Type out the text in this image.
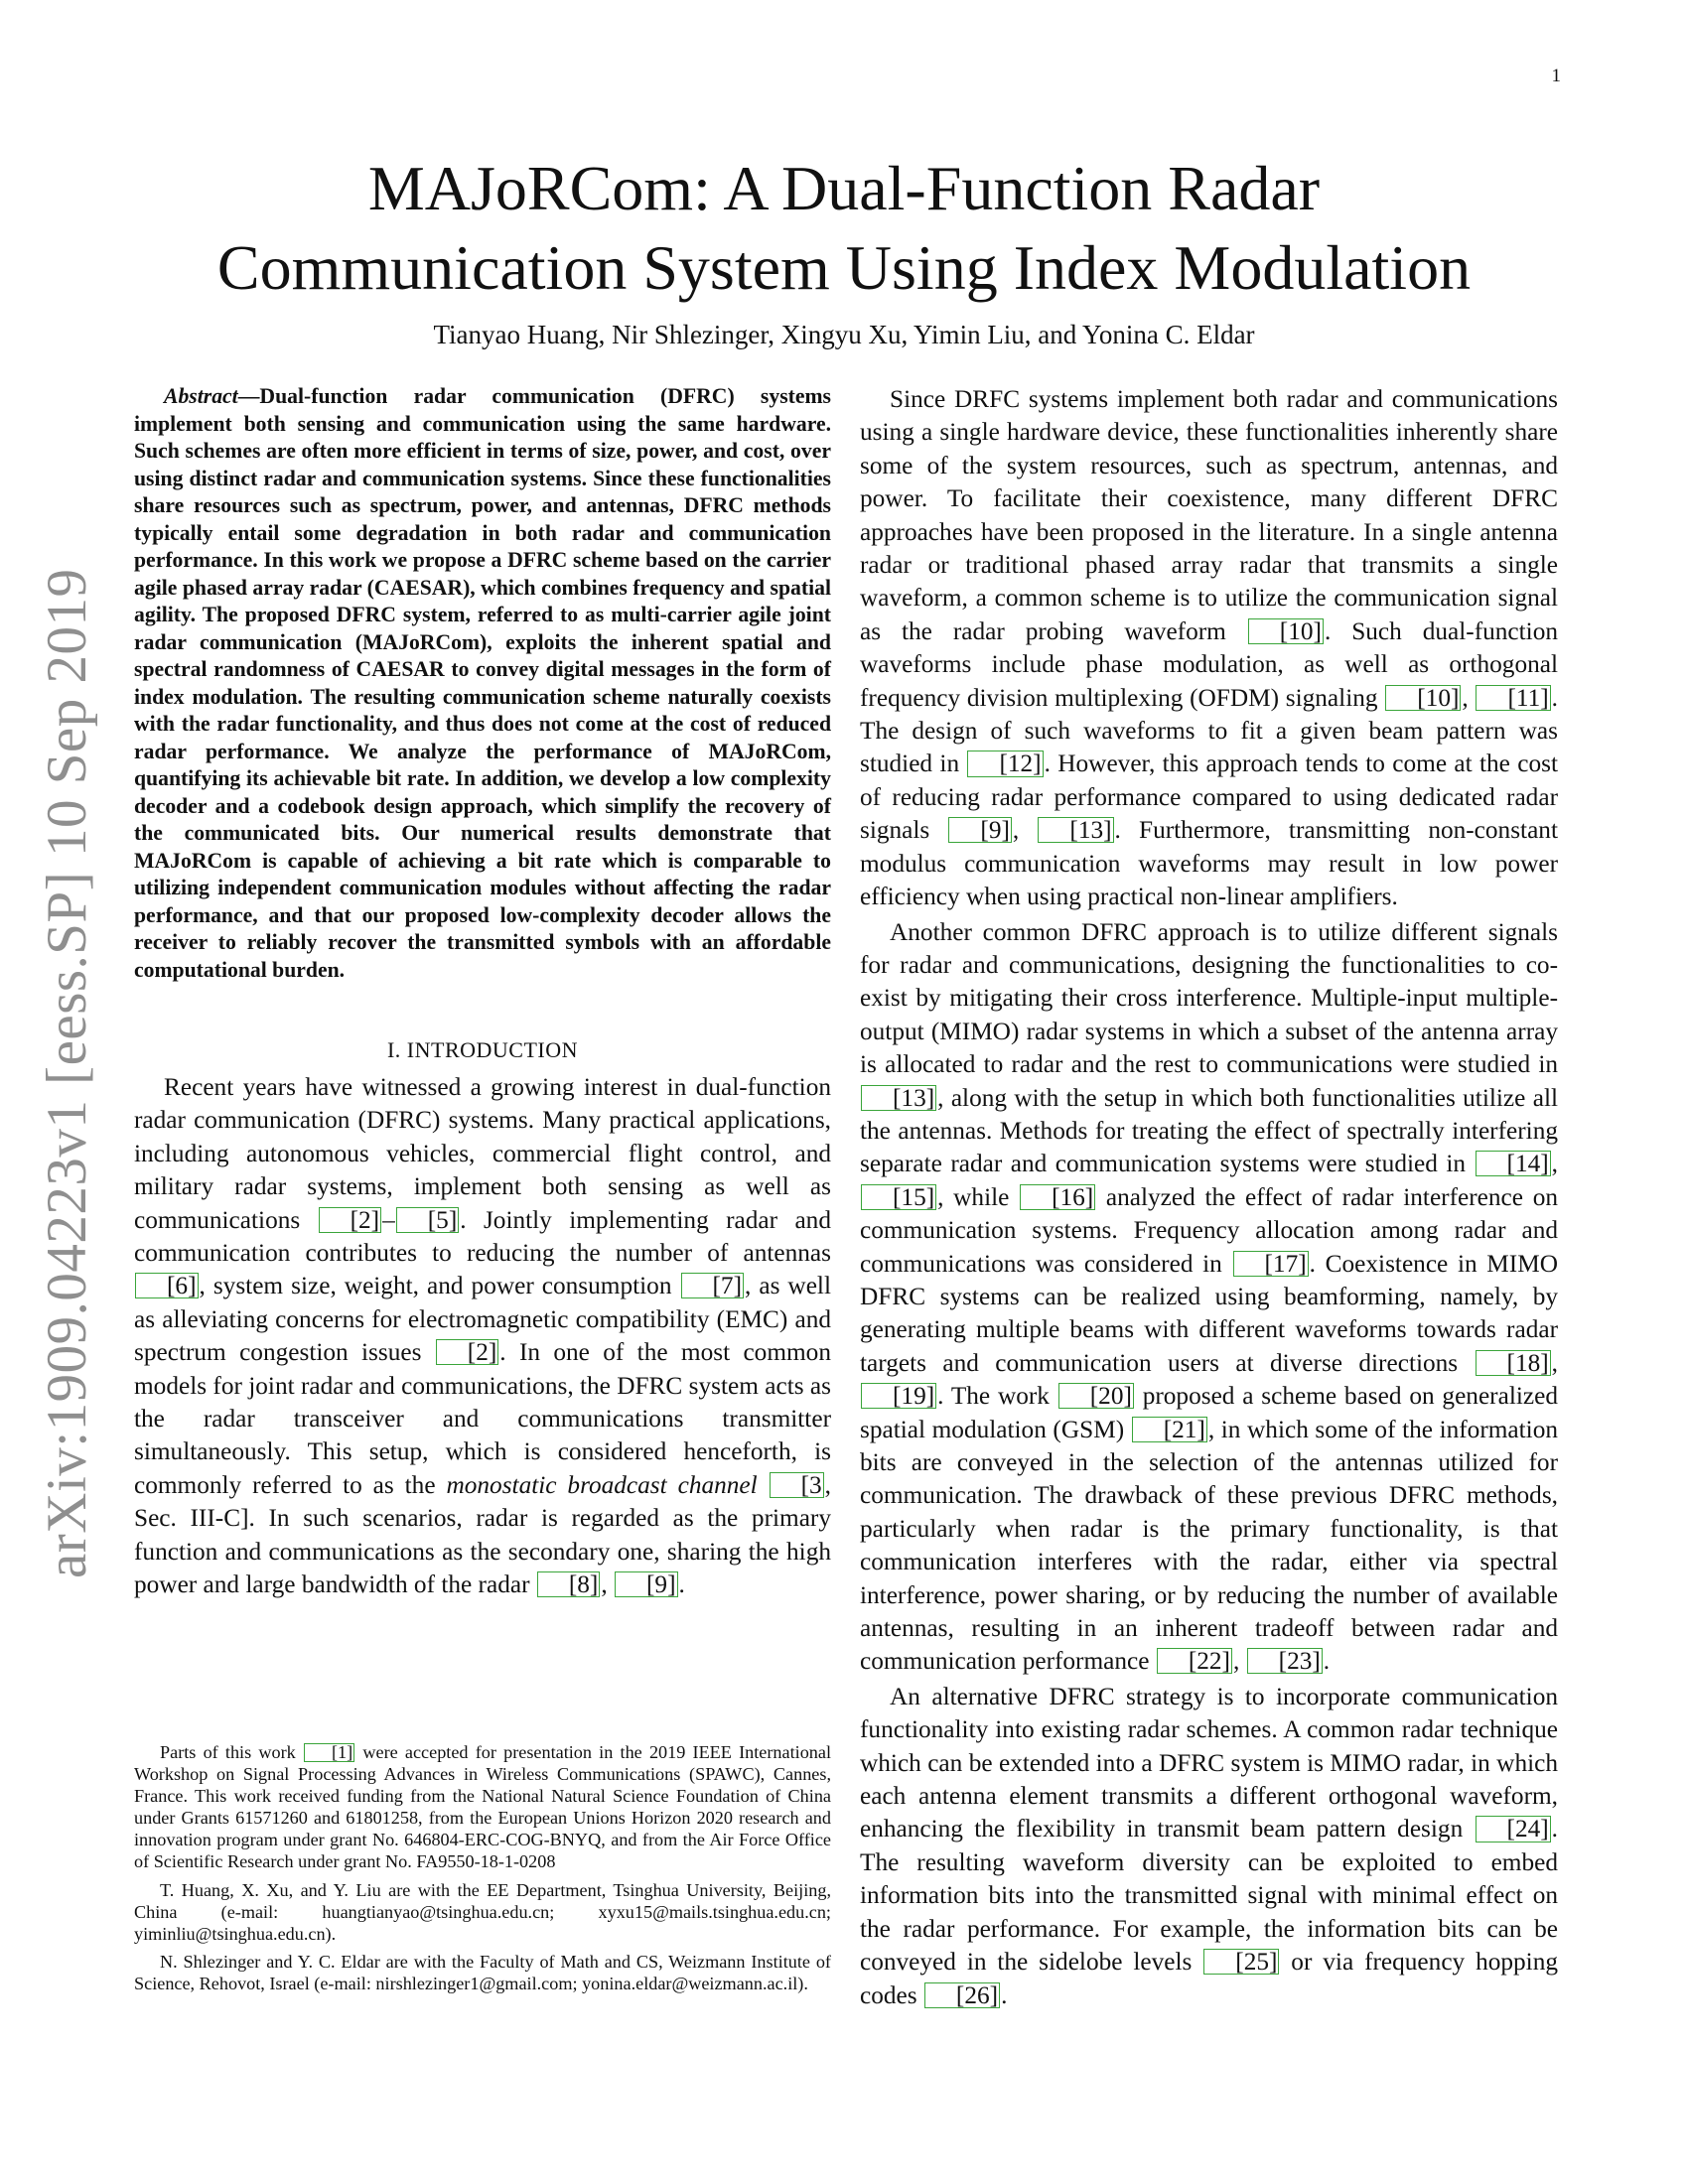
1
arXiv:1909.04223v1 [eess.SP] 10 Sep 2019
MAJoRCom: A Dual-Function Radar
Communication System Using Index Modulation
Tianyao Huang, Nir Shlezinger, Xingyu Xu, Yimin Liu, and Yonina C. Eldar

Abstract—Dual-function radar communication (DFRC) systems implement both sensing and communication using the same hardware. Such schemes are often more efficient in terms of size, power, and cost, over using distinct radar and communication systems. Since these functionalities share resources such as spectrum, power, and antennas, DFRC methods typically entail some degradation in both radar and communication performance. In this work we propose a DFRC scheme based on the carrier agile phased array radar (CAESAR), which combines frequency and spatial agility. The proposed DFRC system, referred to as multi-carrier agile joint radar communication (MAJoRCom), exploits the inherent spatial and spectral randomness of CAESAR to convey digital messages in the form of index modulation. The resulting communication scheme naturally coexists with the radar functionality, and thus does not come at the cost of reduced radar performance. We analyze the performance of MAJoRCom, quantifying its achievable bit rate. In addition, we develop a low complexity decoder and a codebook design approach, which simplify the recovery of the communicated bits. Our numerical results demonstrate that MAJoRCom is capable of achieving a bit rate which is comparable to utilizing independent communication modules without affecting the radar performance, and that our proposed low-complexity decoder allows the receiver to reliably recover the transmitted symbols with an affordable computational burden.

I. INTRODUCTION

Recent years have witnessed a growing interest in dual-function radar communication (DFRC) systems. Many practical applications, including autonomous vehicles, commercial flight control, and military radar systems, implement both sensing as well as communications [2] – [5] . Jointly implementing radar and communication contributes to reducing the number of antennas [6] , system size, weight, and power consumption [7] , as well as alleviating concerns for electromagnetic compatibility (EMC) and spectrum congestion issues [2] . In one of the most common models for joint radar and communications, the DFRC system acts as the radar transceiver and communications transmitter simultaneously. This setup, which is considered henceforth, is commonly referred to as the monostatic broadcast channel [3 , Sec. III-C]. In such scenarios, radar is regarded as the primary function and communications as the secondary one, sharing the high power and large bandwidth of the radar [8] , [9] .

Parts of this work [1] were accepted for presentation in the 2019 IEEE International Workshop on Signal Processing Advances in Wireless Communications (SPAWC), Cannes, France. This work received funding from the National Natural Science Foundation of China under Grants 61571260 and 61801258, from the European Unions Horizon 2020 research and innovation program under grant No. 646804-ERC-COG-BNYQ, and from the Air Force Office of Scientific Research under grant No. FA9550-18-1-0208

T. Huang, X. Xu, and Y. Liu are with the EE Department, Tsinghua University, Beijing, China (e-mail: huangtianyao@tsinghua.edu.cn; xyxu15@mails.tsinghua.edu.cn; yiminliu@tsinghua.edu.cn).

N. Shlezinger and Y. C. Eldar are with the Faculty of Math and CS, Weizmann Institute of Science, Rehovot, Israel (e-mail: nirshlezinger1@gmail.com; yonina.eldar@weizmann.ac.il).

Since DRFC systems implement both radar and communications using a single hardware device, these functionalities inherently share some of the system resources, such as spectrum, antennas, and power. To facilitate their coexistence, many different DFRC approaches have been proposed in the literature. In a single antenna radar or traditional phased array radar that transmits a single waveform, a common scheme is to utilize the communication signal as the radar probing waveform [10] . Such dual-function waveforms include phase modulation, as well as orthogonal frequency division multiplexing (OFDM) signaling [10] , [11] . The design of such waveforms to fit a given beam pattern was studied in [12] . However, this approach tends to come at the cost of reducing radar performance compared to using dedicated radar signals [9] , [13] . Furthermore, transmitting non-constant modulus communication waveforms may result in low power efficiency when using practical non-linear amplifiers.

Another common DFRC approach is to utilize different signals for radar and communications, designing the functionalities to co-exist by mitigating their cross interference. Multiple-input multiple-output (MIMO) radar systems in which a subset of the antenna array is allocated to radar and the rest to communications were studied in [13] , along with the setup in which both functionalities utilize all the antennas. Methods for treating the effect of spectrally interfering separate radar and communication systems were studied in [14] , [15] , while [16] analyzed the effect of radar interference on communication systems. Frequency allocation among radar and communications was considered in [17] . Coexistence in MIMO DFRC systems can be realized using beamforming, namely, by generating multiple beams with different waveforms towards radar targets and communication users at diverse directions [18] , [19] . The work [20] proposed a scheme based on generalized spatial modulation (GSM) [21] , in which some of the information bits are conveyed in the selection of the antennas utilized for communication. The drawback of these previous DFRC methods, particularly when radar is the primary functionality, is that communication interferes with the radar, either via spectral interference, power sharing, or by reducing the number of available antennas, resulting in an inherent tradeoff between radar and communication performance [22] , [23] .

An alternative DFRC strategy is to incorporate communication functionality into existing radar schemes. A common radar technique which can be extended into a DFRC system is MIMO radar, in which each antenna element transmits a different orthogonal waveform, enhancing the flexibility in transmit beam pattern design [24] . The resulting waveform diversity can be exploited to embed information bits into the transmitted signal with minimal effect on the radar performance. For example, the information bits can be conveyed in the sidelobe levels [25] or via frequency hopping codes [26] .
